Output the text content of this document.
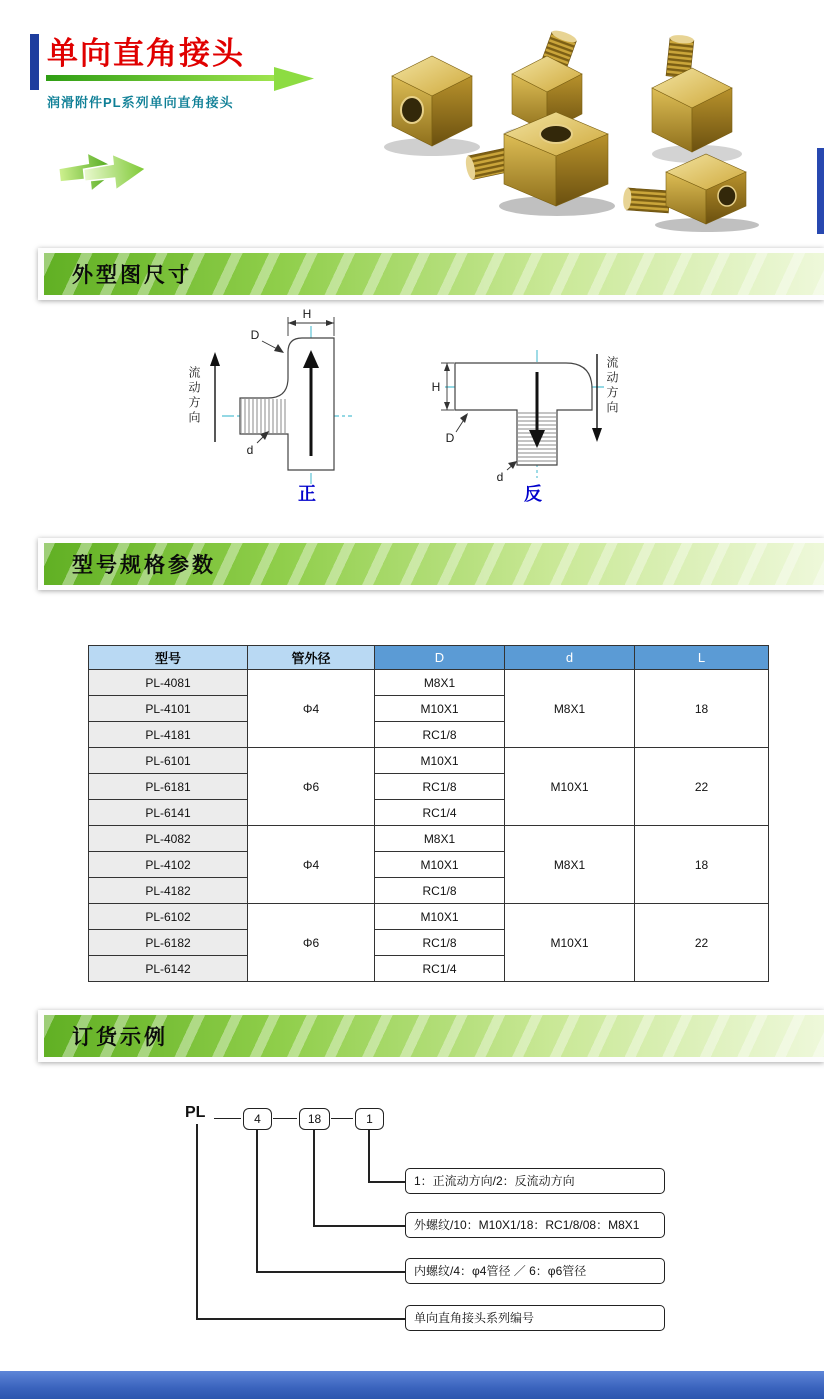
单向直角接头
润滑附件PL系列单向直角接头
外型图尺寸
H
D
d
H
D
d
流动方向	流动方向
正	反
型号规格参数
型号	管外径	D	d	L
PL-4081	Φ4	M8X1	M8X1	18
PL-4101		M10X1		
PL-4181		RC1/8		
PL-6101	Φ6	M10X1	M10X1	22
PL-6181		RC1/8		
PL-6141		RC1/4		
PL-4082	Φ4	M8X1	M8X1	18
PL-4102		M10X1		
PL-4182		RC1/8		
PL-6102	Φ6	M10X1	M10X1	22
PL-6182		RC1/8		
PL-6142		RC1/4		
订货示例
PL	4	18	1
1：正流动方向/2：反流动方向
外螺纹/10：M10X1/18：RC1/8/08：M8X1
内螺纹/4：φ4管径 ／ 6：φ6管径
单向直角接头系列编号
